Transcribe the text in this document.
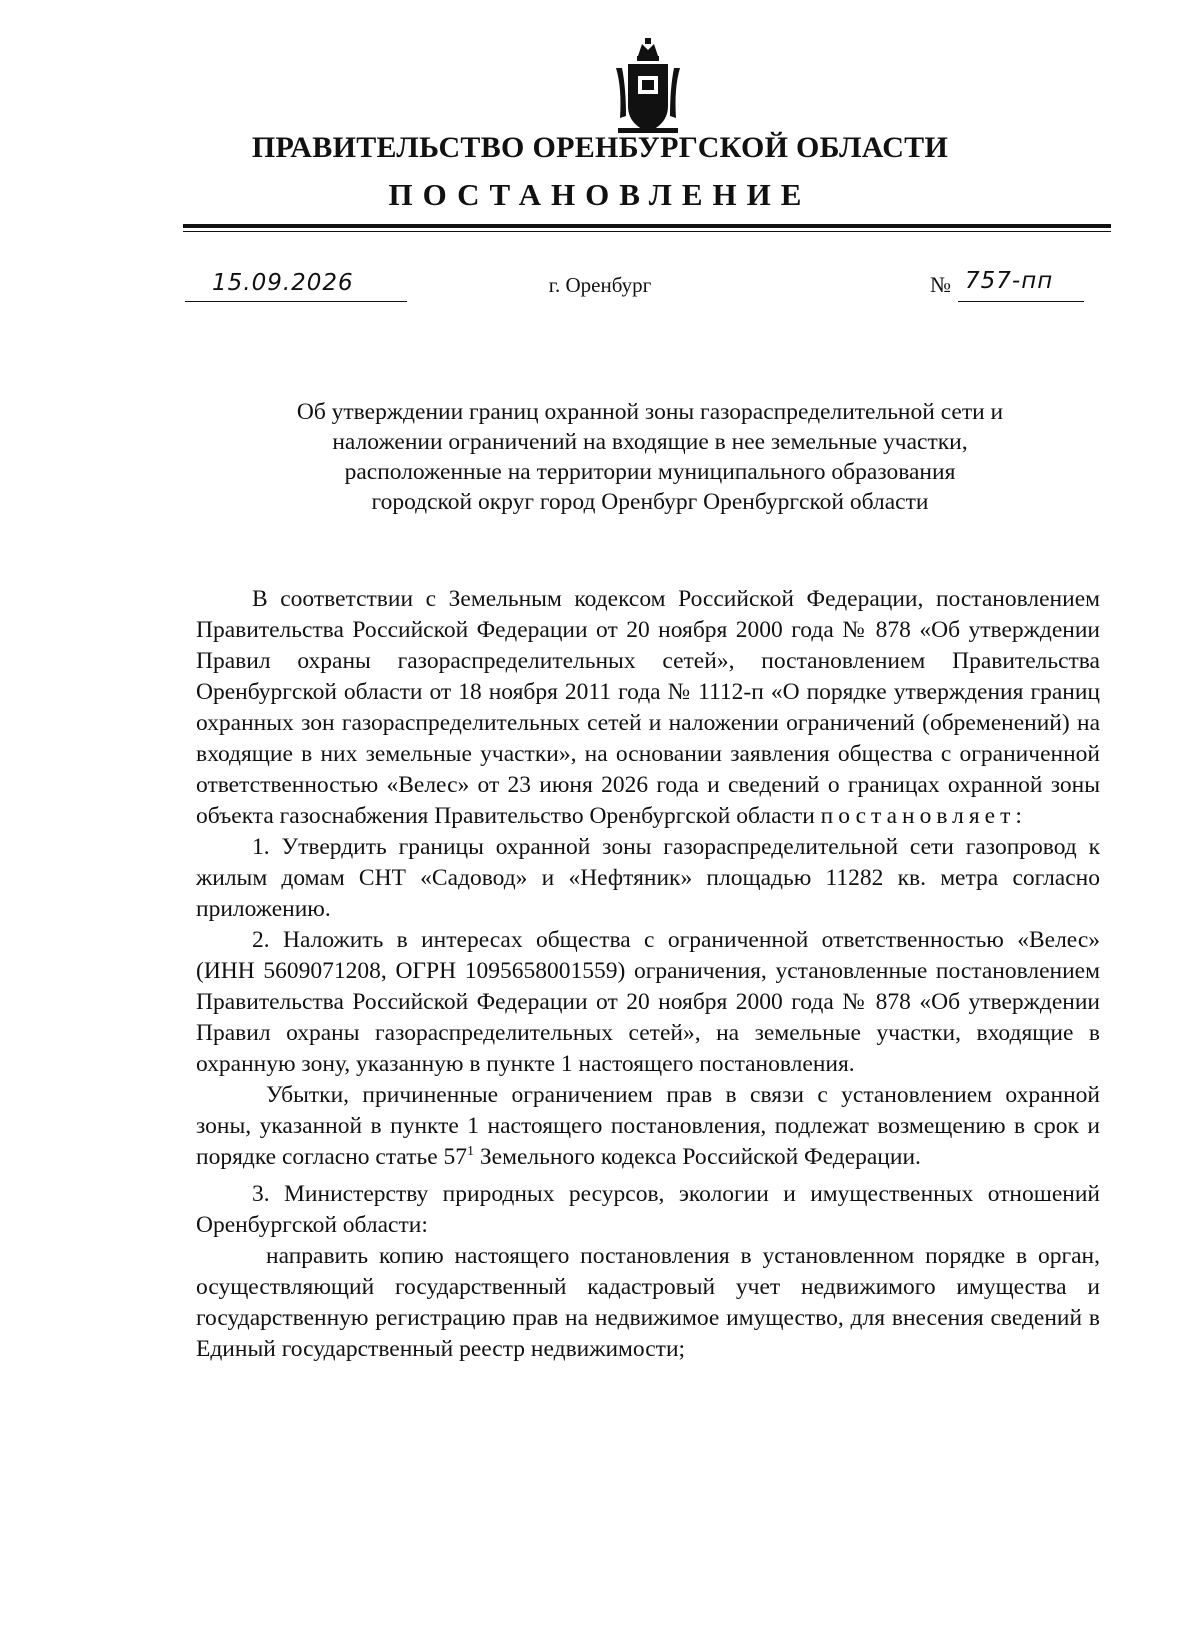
ПРАВИТЕЛЬСТВО ОРЕНБУРГСКОЙ ОБЛАСТИ
ПОСТАНОВЛЕНИЕ
15.09.2026	г. Оренбург	№ 757-пп
Об утверждении границ охранной зоны газораспределительной сети и
наложении ограничений на входящие в нее земельные участки,
расположенные на территории муниципального образования
городской округ город Оренбург Оренбургской области

В соответствии с Земельным кодексом Российской Федерации, постановлением Правительства Российской Федерации от 20 ноября 2000 года № 878 «Об утверждении Правил охраны газораспределительных сетей», постановлением Правительства Оренбургской области от 18 ноября 2011 года № 1112-п «О порядке утверждения границ охранных зон газораспределительных сетей и наложении ограничений (обременений) на входящие в них земельные участки», на основании заявления общества с ограниченной ответственностью «Велес» от 23 июня 2026 года и сведений о границах охранной зоны объекта газоснабжения Правительство Оренбургской области постановляет:

1. Утвердить границы охранной зоны газораспределительной сети газопровод к жилым домам СНТ «Садовод» и «Нефтяник» площадью 11282 кв. метра согласно приложению.

2. Наложить в интересах общества с ограниченной ответственностью «Велес» (ИНН 5609071208, ОГРН 1095658001559) ограничения, установленные постановлением Правительства Российской Федерации от 20 ноября 2000 года № 878 «Об утверждении Правил охраны газораспределительных сетей», на земельные участки, входящие в охранную зону, указанную в пункте 1 настоящего постановления.

Убытки, причиненные ограничением прав в связи с установлением охранной зоны, указанной в пункте 1 настоящего постановления, подлежат возмещению в срок и порядке согласно статье $57^1$ Земельного кодекса Российской Федерации.

3. Министерству природных ресурсов, экологии и имущественных отношений Оренбургской области:

направить копию настоящего постановления в установленном порядке в орган, осуществляющий государственный кадастровый учет недвижимого имущества и государственную регистрацию прав на недвижимое имущество, для внесения сведений в Единый государственный реестр недвижимости;
